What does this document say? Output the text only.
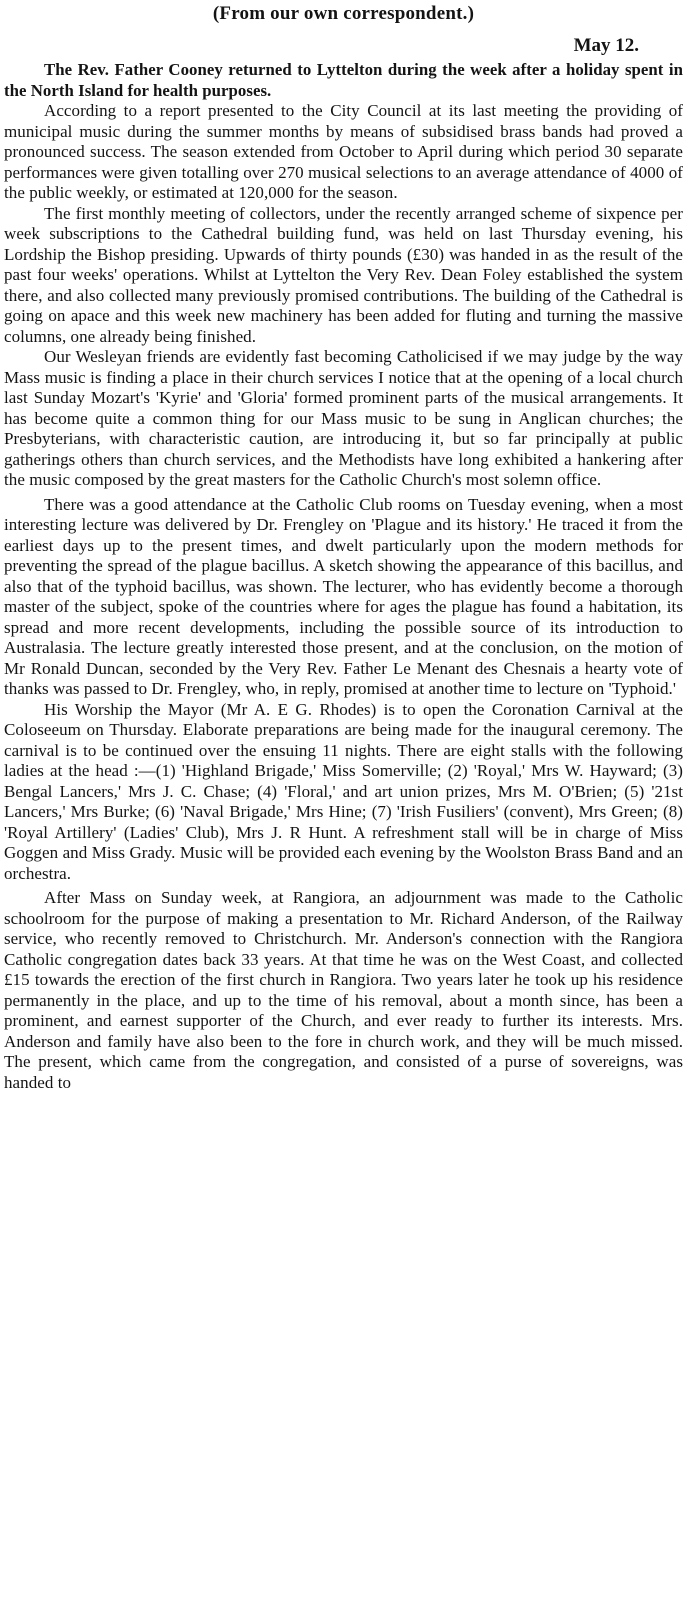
(From our own correspondent.)

May 12.

The Rev. Father Cooney returned to Lyttelton during the week after a holiday spent in the North Island for health purposes.

According to a report presented to the City Council at its last meeting the providing of municipal music during the summer months by means of subsidised brass bands had proved a pronounced success. The season extended from October to April during which period 30 separate performances were given totalling over 270 musical selections to an average attendance of 4000 of the public weekly, or estimated at 120,000 for the season.

The first monthly meeting of collectors, under the recently arranged scheme of sixpence per week subscriptions to the Cathedral building fund, was held on last Thursday evening, his Lordship the Bishop presiding. Upwards of thirty pounds (£30) was handed in as the result of the past four weeks' operations. Whilst at Lyttelton the Very Rev. Dean Foley established the system there, and also collected many previously promised contributions. The building of the Cathedral is going on apace and this week new machinery has been added for fluting and turning the massive columns, one already being finished.

Our Wesleyan friends are evidently fast becoming Catholicised if we may judge by the way Mass music is finding a place in their church services I notice that at the opening of a local church last Sunday Mozart's 'Kyrie' and 'Gloria' formed prominent parts of the musical arrangements. It has become quite a common thing for our Mass music to be sung in Anglican churches; the Presbyterians, with characteristic caution, are introducing it, but so far principally at public gatherings others than church services, and the Methodists have long exhibited a hankering after the music composed by the great masters for the Catholic Church's most solemn office.

There was a good attendance at the Catholic Club rooms on Tuesday evening, when a most interesting lecture was delivered by Dr. Frengley on 'Plague and its history.' He traced it from the earliest days up to the present times, and dwelt particularly upon the modern methods for preventing the spread of the plague bacillus. A sketch showing the appearance of this bacillus, and also that of the typhoid bacillus, was shown. The lecturer, who has evidently become a thorough master of the subject, spoke of the countries where for ages the plague has found a habitation, its spread and more recent developments, including the possible source of its introduction to Australasia. The lecture greatly interested those present, and at the conclusion, on the motion of Mr Ronald Duncan, seconded by the Very Rev. Father Le Menant des Chesnais a hearty vote of thanks was passed to Dr. Frengley, who, in reply, promised at another time to lecture on 'Typhoid.'

His Worship the Mayor (Mr A. E G. Rhodes) is to open the Coronation Carnival at the Coloseeum on Thursday. Elaborate preparations are being made for the inaugural ceremony. The carnival is to be continued over the ensuing 11 nights. There are eight stalls with the following ladies at the head :—(1) 'Highland Brigade,' Miss Somerville; (2) 'Royal,' Mrs W. Hayward; (3) Bengal Lancers,' Mrs J. C. Chase; (4) 'Floral,' and art union prizes, Mrs M. O'Brien; (5) '21st Lancers,' Mrs Burke; (6) 'Naval Brigade,' Mrs Hine; (7) 'Irish Fusiliers' (convent), Mrs Green; (8) 'Royal Artillery' (Ladies' Club), Mrs J. R Hunt. A refreshment stall will be in charge of Miss Goggen and Miss Grady. Music will be provided each evening by the Woolston Brass Band and an orchestra.

After Mass on Sunday week, at Rangiora, an adjournment was made to the Catholic schoolroom for the purpose of making a presentation to Mr. Richard Anderson, of the Railway service, who recently removed to Christchurch. Mr. Anderson's connection with the Rangiora Catholic congregation dates back 33 years. At that time he was on the West Coast, and collected £15 towards the erection of the first church in Rangiora. Two years later he took up his residence permanently in the place, and up to the time of his removal, about a month since, has been a prominent, and earnest supporter of the Church, and ever ready to further its interests. Mrs. Anderson and family have also been to the fore in church work, and they will be much missed. The present, which came from the congregation, and consisted of a purse of sovereigns, was handed to
